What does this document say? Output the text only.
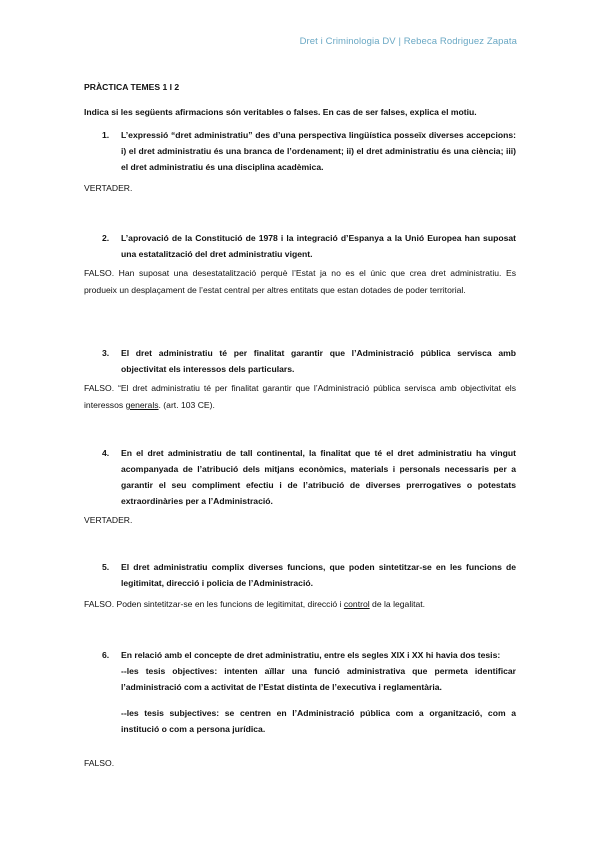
Dret i Criminologia DV | Rebeca Rodriguez Zapata
PRÀCTICA TEMES 1 I 2
Indica si les següents afirmacions són veritables o falses. En cas de ser falses, explica el motiu.
1. L’expressió “dret administratiu” des d’una perspectiva lingüística posseïx diverses accepcions: i) el dret administratiu és una branca de l’ordenament; ii) el dret administratiu és una ciència; iii) el dret administratiu és una disciplina acadèmica.
VERTADER.
2. L’aprovació de la Constitució de 1978 i la integració d’Espanya a la Unió Europea han suposat una estatalització del dret administratiu vigent.
FALSO. Han suposat una desestatalització perquè l’Estat ja no es el únic que crea dret administratiu. Es produeix un desplaçament de l’estat central per altres entitats que estan dotades de poder territorial.
3. El dret administratiu té per finalitat garantir que l’Administració pública servisca amb objectivitat els interessos dels particulars.
FALSO. “El dret administratiu té per finalitat garantir que l’Administració pública servisca amb objectivitat els interessos generals. (art. 103 CE).
4. En el dret administratiu de tall continental, la finalitat que té el dret administratiu ha vingut acompanyada de l’atribució dels mitjans econòmics, materials i personals necessaris per a garantir el seu compliment efectiu i de l’atribució de diverses prerrogatives o potestats extraordinàries per a l’Administració.
VERTADER.
5. El dret administratiu complix diverses funcions, que poden sintetitzar-se en les funcions de legitimitat, direcció i policia de l’Administració.
FALSO. Poden sintetitzar-se en les funcions de legitimitat, direcció i control de la legalitat.
6. En relació amb el concepte de dret administratiu, entre els segles XIX i XX hi havia dos tesis:
--les tesis objectives: intenten aïllar una funció administrativa que permeta identificar l’administració com a activitat de l’Estat distinta de l’executiva i reglamentària.
--les tesis subjectives: se centren en l’Administració pública com a organització, com a institució o com a persona jurídica.
FALSO.
